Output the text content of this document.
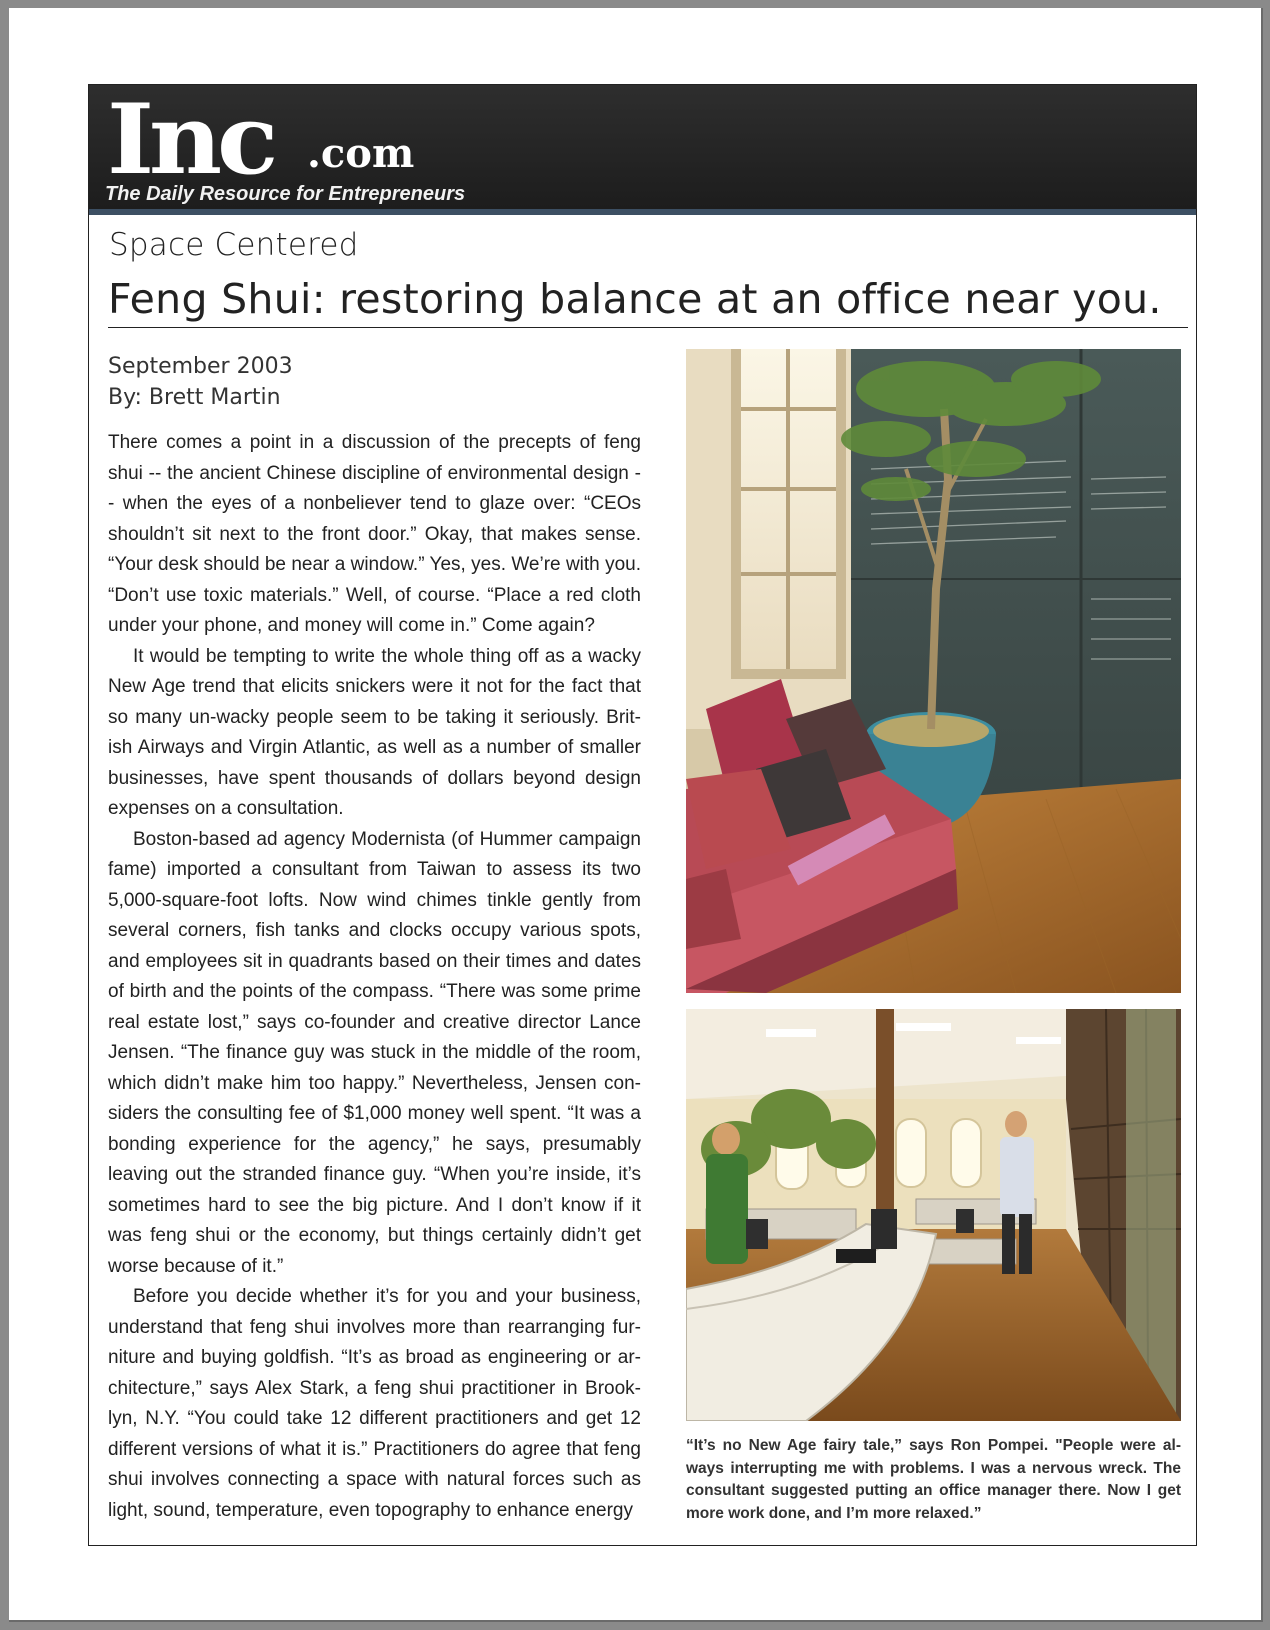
Inc .com
The Daily Resource for Entrepreneurs
Space Centered
Feng Shui: restoring balance at an office near you.
September 2003
By: Brett Martin

There comes a point in a discussion of the precepts of feng shui -- the ancient Chinese discipline of environmental design -- when the eyes of a nonbeliever tend to glaze over: “CEOs shouldn’t sit next to the front door.” Okay, that makes sense. “Your desk should be near a window.” Yes, yes. We’re with you. “Don’t use toxic materials.” Well, of course. “Place a red cloth under your phone, and money will come in.” Come again?

It would be tempting to write the whole thing off as a wacky New Age trend that elicits snickers were it not for the fact that so many un-wacky people seem to be taking it seriously. Brit-ish Airways and Virgin Atlantic, as well as a number of smaller businesses, have spent thousands of dollars beyond design expenses on a consultation.

Boston-based ad agency Modernista (of Hummer campaign fame) imported a consultant from Taiwan to assess its two 5,000-square-foot lofts. Now wind chimes tinkle gently from several corners, fish tanks and clocks occupy various spots, and employees sit in quadrants based on their times and dates of birth and the points of the compass. “There was some prime real estate lost,” says co-founder and creative director Lance Jensen. “The finance guy was stuck in the middle of the room, which didn’t make him too happy.” Nevertheless, Jensen con-siders the consulting fee of $1,000 money well spent. “It was a bonding experience for the agency,” he says, presumably leaving out the stranded finance guy. “When you’re inside, it’s sometimes hard to see the big picture. And I don’t know if it was feng shui or the economy, but things certainly didn’t get worse because of it.”

Before you decide whether it’s for you and your business, understand that feng shui involves more than rearranging fur-niture and buying goldfish. “It’s as broad as engineering or ar-chitecture,” says Alex Stark, a feng shui practitioner in Brook-lyn, N.Y. “You could take 12 different practitioners and get 12 different versions of what it is.” Practitioners do agree that feng shui involves connecting a space with natural forces such as light, sound, temperature, even topography to enhance energy

“It’s no New Age fairy tale,” says Ron Pompei. "People were al-ways interrupting me with problems. I was a nervous wreck. The consultant suggested putting an office manager there. Now I get more work done, and I’m more relaxed.”
